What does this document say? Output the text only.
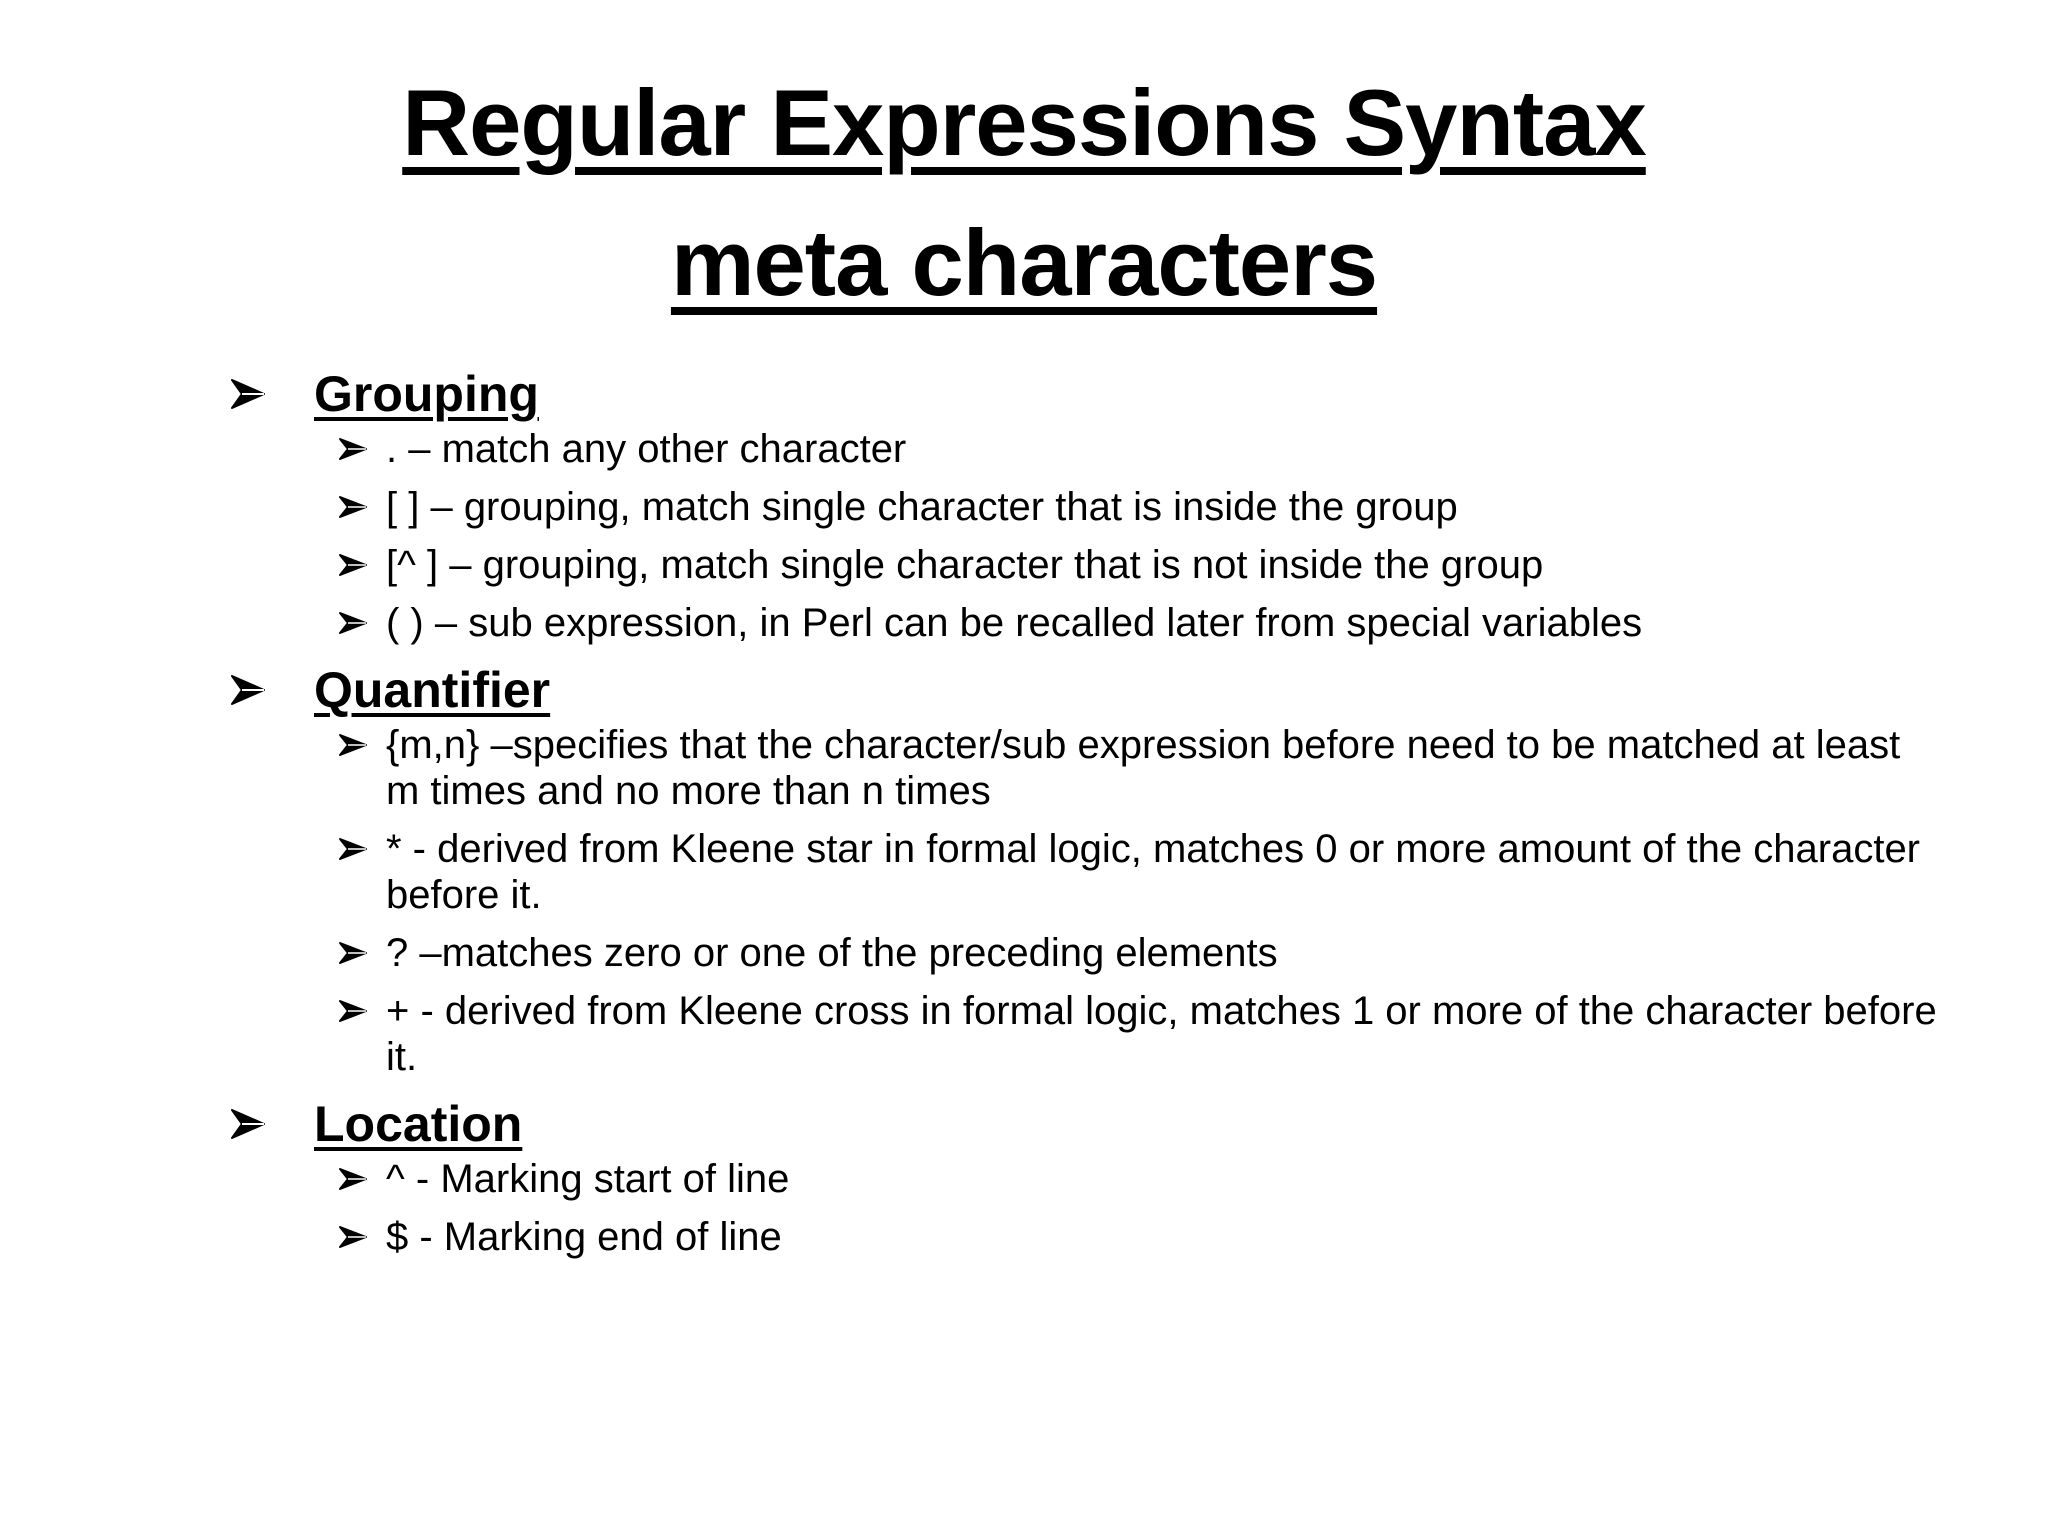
Regular Expressions Syntax
meta characters
Grouping
. – match any other character
[ ] – grouping, match single character that is inside the group
[^ ] – grouping, match single character that is not inside the group
( ) – sub expression, in Perl can be recalled later from special variables
Quantifier
{m,n} –specifies that the character/sub expression before need to be matched at least m times and no more than n times
* - derived from Kleene star in formal logic, matches 0 or more amount of the character before it.
? –matches zero or one of the preceding elements
+ - derived from Kleene cross in formal logic, matches 1 or more of the character before it.
Location
^ - Marking start of line
$ - Marking end of line
